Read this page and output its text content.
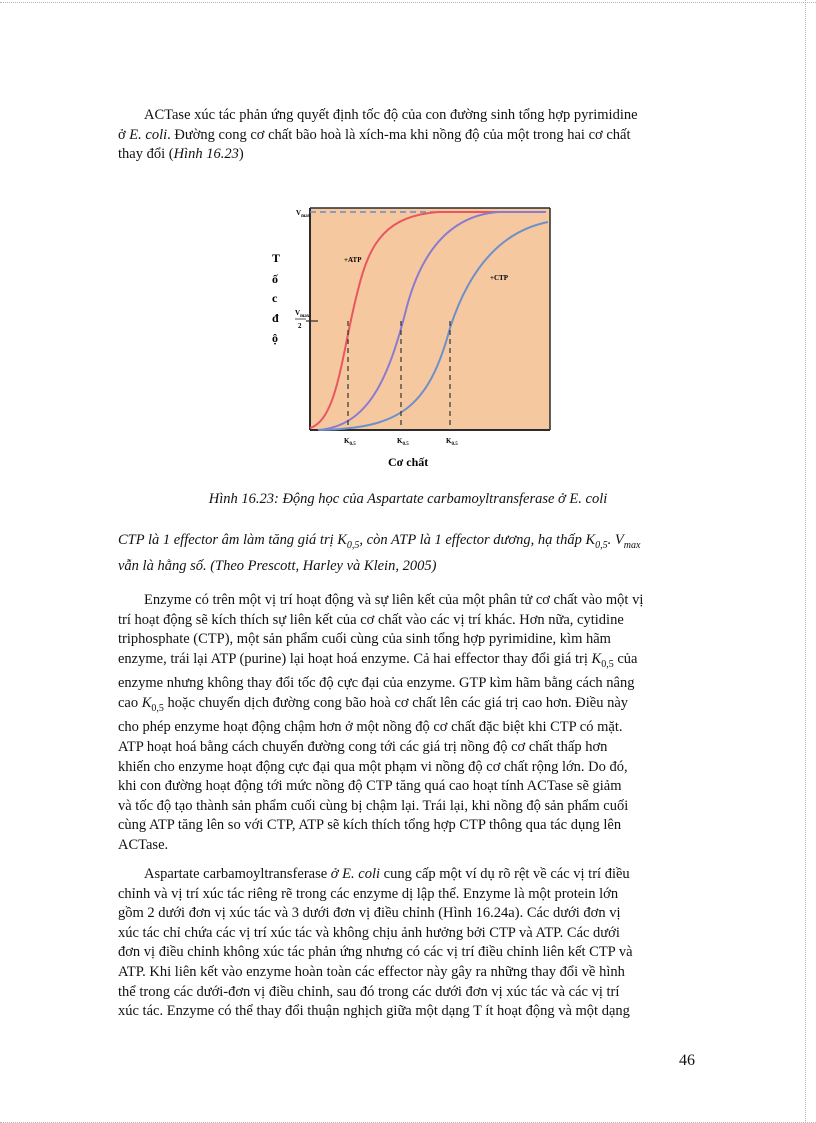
ACTase xúc tác phản ứng quyết định tốc độ của con đường sinh tổng hợp pyrimidine
ở E. coli. Đường cong cơ chất bão hoà là xích-ma khi nồng độ của một trong hai cơ chất
thay đổi (Hình 16.23)

T
ố
c
đ
ộ
$V_{max}$
$V_{max}$
2
+ATP
+CTP
$K_{0.5}$	$K_{0.5}$	$K_{0.5}$
Cơ chất

Hình 16.23: Động học của Aspartate carbamoyltransferase ở E. coli

CTP là 1 effector âm làm tăng giá trị $K_{0,5}$, còn ATP là 1 effector dương, hạ thấp $K_{0,5}$. $V_{max}$
vẫn là hằng số. (Theo Prescott, Harley và Klein, 2005)

Enzyme có trên một vị trí hoạt động và sự liên kết của một phân tử cơ chất vào một vị
trí hoạt động sẽ kích thích sự liên kết của cơ chất vào các vị trí khác. Hơn nữa, cytidine
triphosphate (CTP), một sản phẩm cuối cùng của sinh tổng hợp pyrimidine, kìm hãm
enzyme, trái lại ATP (purine) lại hoạt hoá enzyme. Cả hai effector thay đổi giá trị $K_{0,5}$ của
enzyme nhưng không thay đổi tốc độ cực đại của enzyme. GTP kìm hãm bằng cách nâng
cao $K_{0,5}$ hoặc chuyển dịch đường cong bão hoà cơ chất lên các giá trị cao hơn. Điều này
cho phép enzyme hoạt động chậm hơn ở một nồng độ cơ chất đặc biệt khi CTP có mặt.
ATP hoạt hoá bằng cách chuyển đường cong tới các giá trị nồng độ cơ chất thấp hơn
khiến cho enzyme hoạt động cực đại qua một phạm vi nồng độ cơ chất rộng lớn. Do đó,
khi con đường hoạt động tới mức nồng độ CTP tăng quá cao hoạt tính ACTase sẽ giảm
và tốc độ tạo thành sản phẩm cuối cùng bị chậm lại. Trái lại, khi nồng độ sản phẩm cuối
cùng ATP tăng lên so với CTP, ATP sẽ kích thích tổng hợp CTP thông qua tác dụng lên
ACTase.

Aspartate carbamoyltransferase ở E. coli cung cấp một ví dụ rõ rệt về các vị trí điều
chỉnh và vị trí xúc tác riêng rẽ trong các enzyme dị lập thể. Enzyme là một protein lớn
gồm 2 dưới đơn vị xúc tác và 3 dưới đơn vị điều chỉnh (Hình 16.24a). Các dưới đơn vị
xúc tác chỉ chứa các vị trí xúc tác và không chịu ảnh hưởng bởi CTP và ATP. Các dưới
đơn vị điều chỉnh không xúc tác phản ứng nhưng có các vị trí điều chỉnh liên kết CTP và
ATP. Khi liên kết vào enzyme hoàn toàn các effector này gây ra những thay đổi về hình
thể trong các dưới-đơn vị điều chỉnh, sau đó trong các dưới đơn vị xúc tác và các vị trí
xúc tác. Enzyme có thể thay đổi thuận nghịch giữa một dạng T ít hoạt động và một dạng

46
